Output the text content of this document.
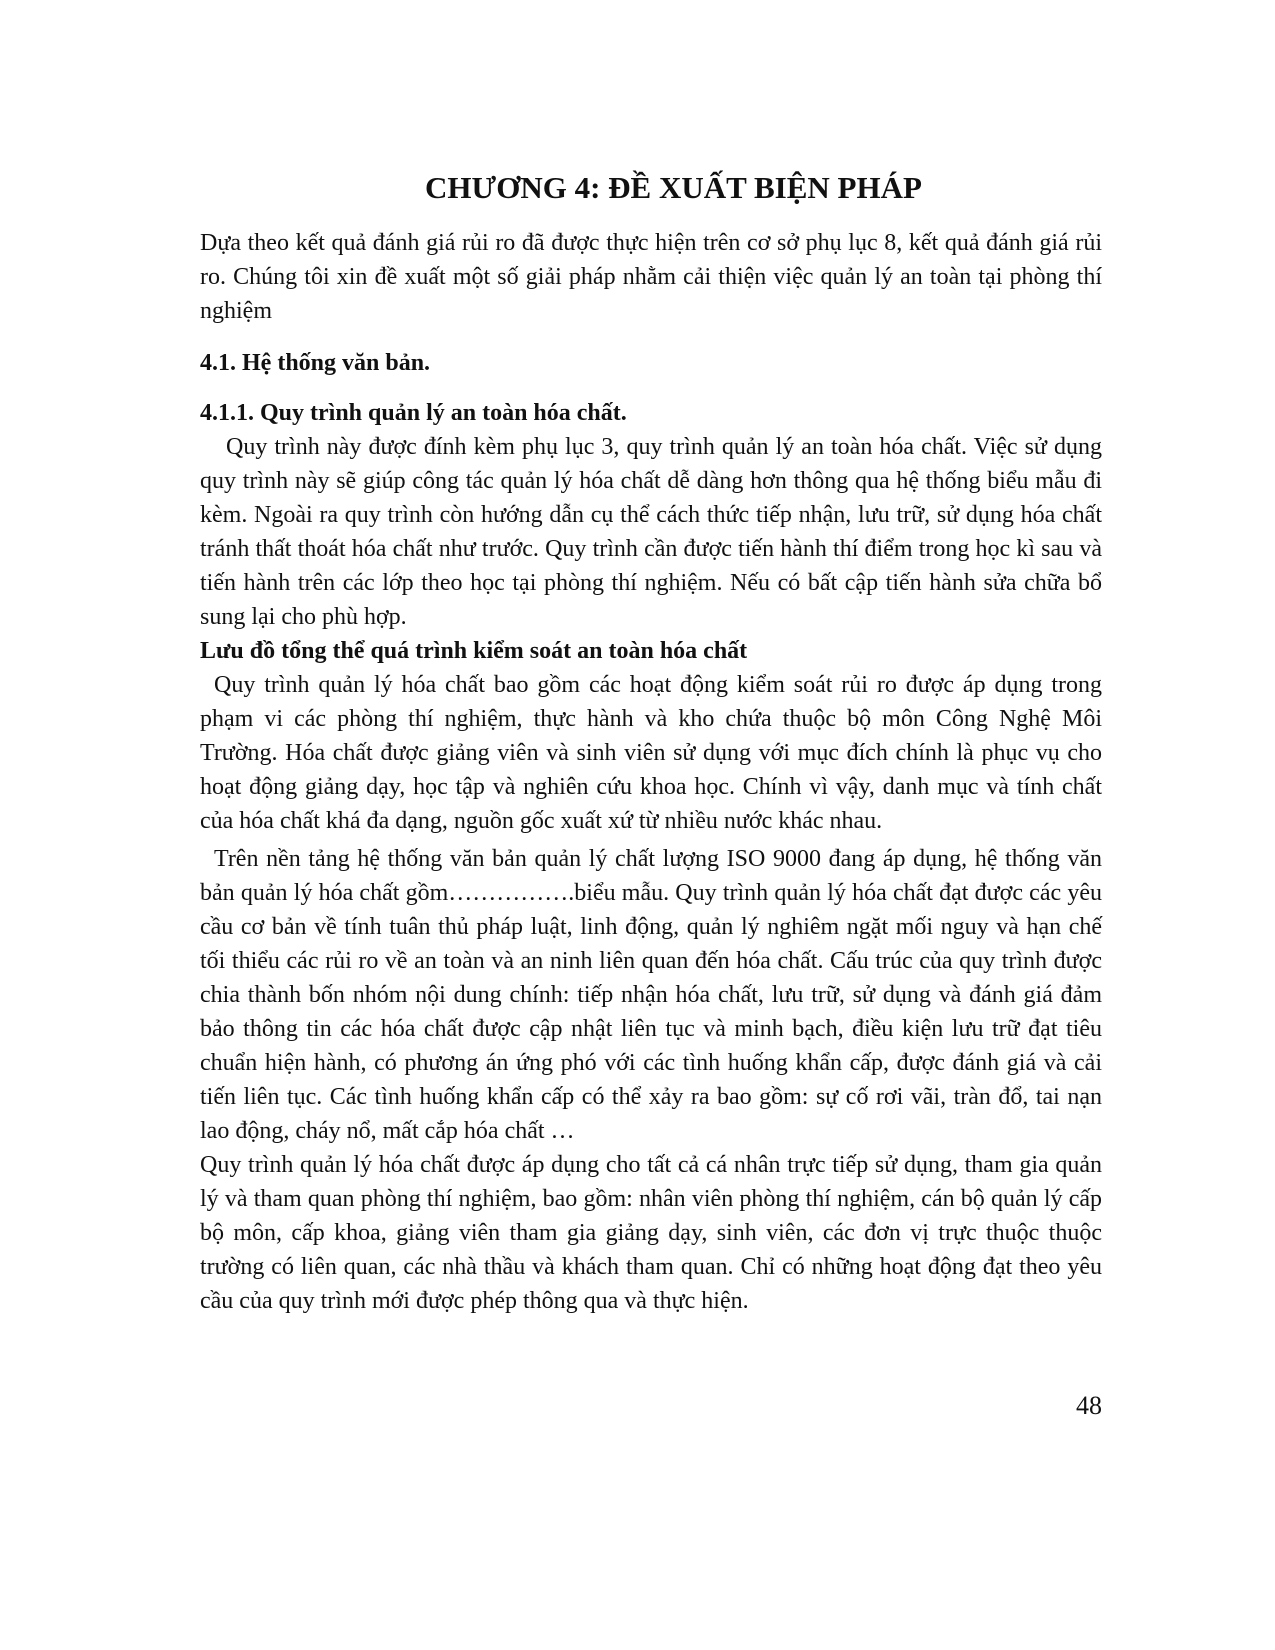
CHƯƠNG 4: ĐỀ XUẤT BIỆN PHÁP

Dựa theo kết quả đánh giá rủi ro đã được thực hiện trên cơ sở phụ lục 8, kết quả đánh giá rủi ro. Chúng tôi xin đề xuất một số giải pháp nhằm cải thiện việc quản lý an toàn tại phòng thí nghiệm

4.1. Hệ thống văn bản.
4.1.1. Quy trình quản lý an toàn hóa chất.

Quy trình này được đính kèm phụ lục 3, quy trình quản lý an toàn hóa chất. Việc sử dụng quy trình này sẽ giúp công tác quản lý hóa chất dễ dàng hơn thông qua hệ thống biểu mẫu đi kèm. Ngoài ra quy trình còn hướng dẫn cụ thể cách thức tiếp nhận, lưu trữ, sử dụng hóa chất tránh thất thoát hóa chất như trước. Quy trình cần được tiến hành thí điểm trong học kì sau và tiến hành trên các lớp theo học tại phòng thí nghiệm. Nếu có bất cập tiến hành sửa chữa bổ sung lại cho phù hợp.

Lưu đồ tổng thể quá trình kiểm soát an toàn hóa chất

Quy trình quản lý hóa chất bao gồm các hoạt động kiểm soát rủi ro được áp dụng trong phạm vi các phòng thí nghiệm, thực hành và kho chứa thuộc bộ môn Công Nghệ Môi Trường. Hóa chất được giảng viên và sinh viên sử dụng với mục đích chính là phục vụ cho hoạt động giảng dạy, học tập và nghiên cứu khoa học. Chính vì vậy, danh mục và tính chất của hóa chất khá đa dạng, nguồn gốc xuất xứ từ nhiều nước khác nhau.

Trên nền tảng hệ thống văn bản quản lý chất lượng ISO 9000 đang áp dụng, hệ thống văn bản quản lý hóa chất gồm…………….biểu mẫu. Quy trình quản lý hóa chất đạt được các yêu cầu cơ bản về tính tuân thủ pháp luật, linh động, quản lý nghiêm ngặt mối nguy và hạn chế tối thiểu các rủi ro về an toàn và an ninh liên quan đến hóa chất. Cấu trúc của quy trình được chia thành bốn nhóm nội dung chính: tiếp nhận hóa chất, lưu trữ, sử dụng và đánh giá đảm bảo thông tin các hóa chất được cập nhật liên tục và minh bạch, điều kiện lưu trữ đạt tiêu chuẩn hiện hành, có phương án ứng phó với các tình huống khẩn cấp, được đánh giá và cải tiến liên tục. Các tình huống khẩn cấp có thể xảy ra bao gồm: sự cố rơi vãi, tràn đổ, tai nạn lao động, cháy nổ, mất cắp hóa chất …

Quy trình quản lý hóa chất được áp dụng cho tất cả cá nhân trực tiếp sử dụng, tham gia quản lý và tham quan phòng thí nghiệm, bao gồm: nhân viên phòng thí nghiệm, cán bộ quản lý cấp bộ môn, cấp khoa, giảng viên tham gia giảng dạy, sinh viên, các đơn vị trực thuộc thuộc trường có liên quan, các nhà thầu và khách tham quan. Chỉ có những hoạt động đạt theo yêu cầu của quy trình mới được phép thông qua và thực hiện.

48
